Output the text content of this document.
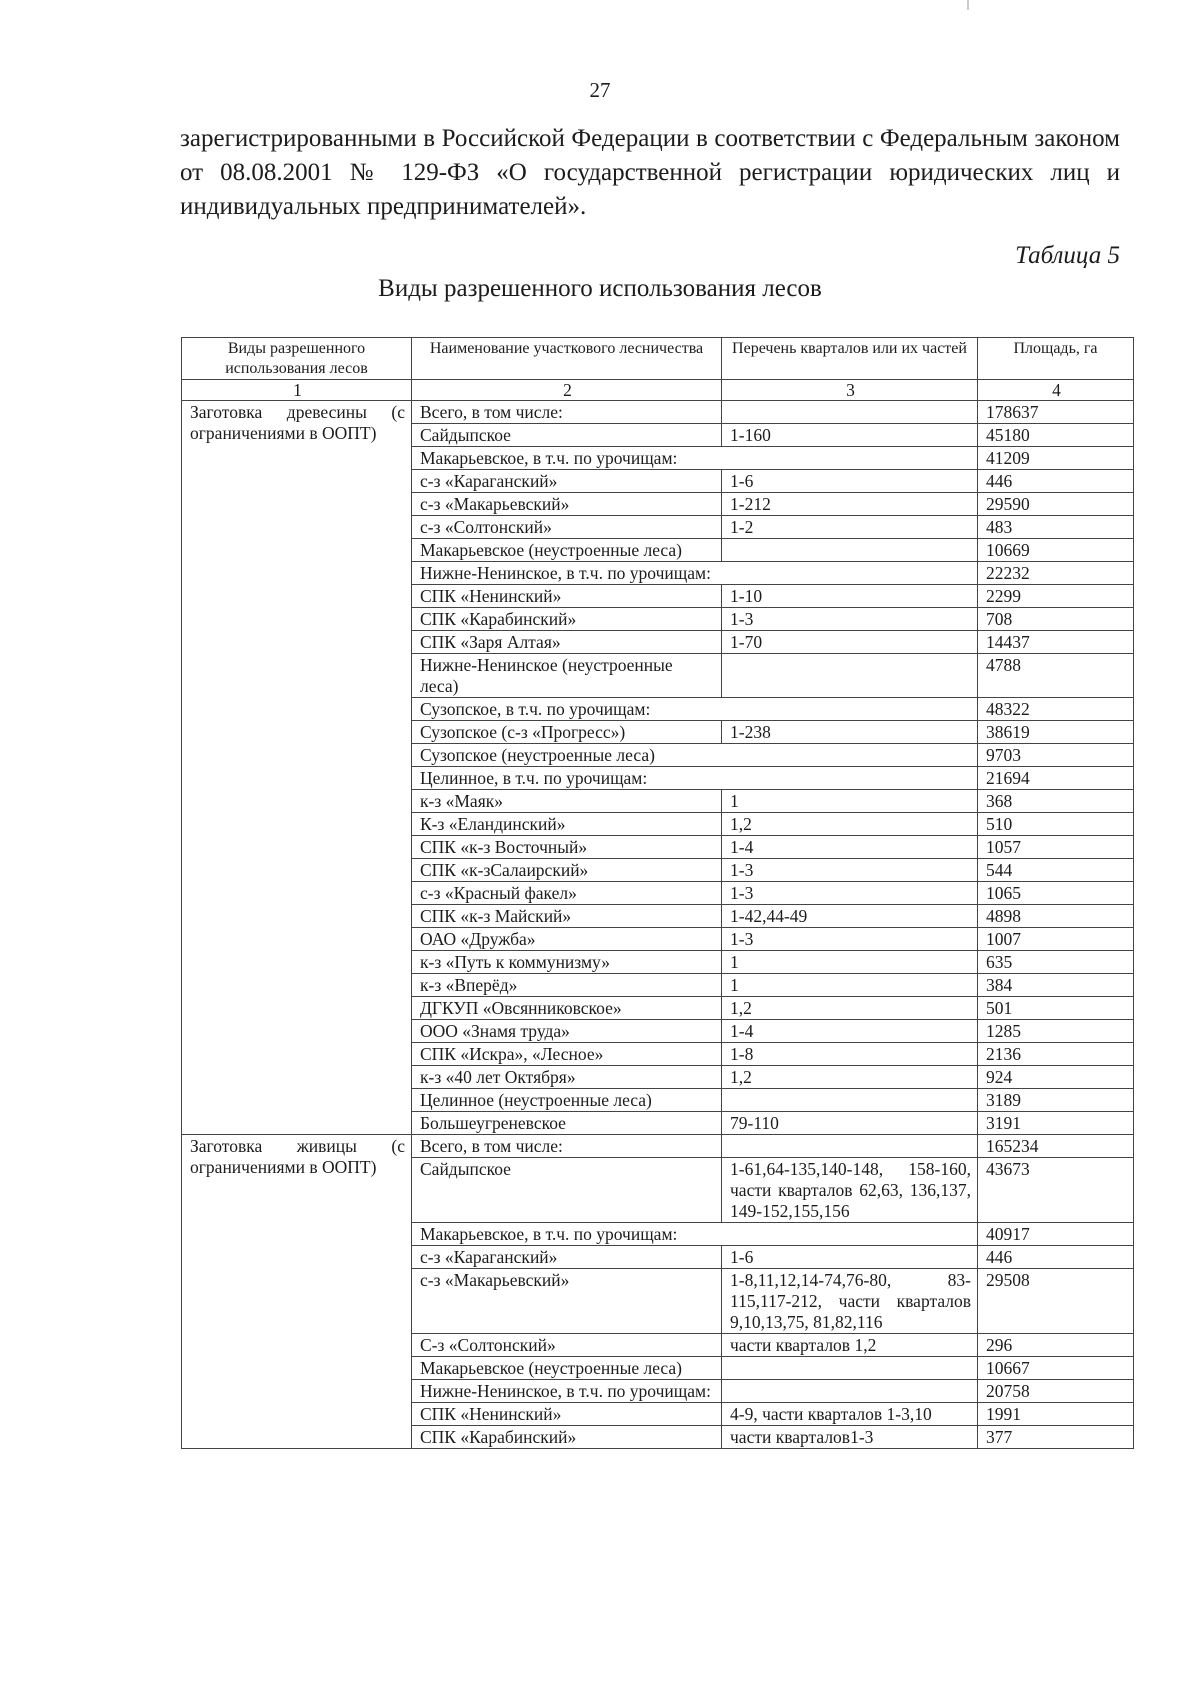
27
зарегистрированными в Российской Федерации в соответствии с Федеральным законом от 08.08.2001 № 129-ФЗ «О государственной регистрации юридических лиц и индивидуальных предпринимателей».
Таблица 5
Виды разрешенного использования лесов
Виды разрешенного использования лесов	Наименование участкового лесничества	Перечень кварталов или их частей	Площадь, га
1	2	3	4
Заготовка древесины (с ограничениями в ООПТ)	Всего, в том числе:		178637
	Сайдыпское	1-160	45180
	Макарьевское, в т.ч. по урочищам:		41209
	с-з «Караганский»	1-6	446
	с-з «Макарьевский»	1-212	29590
	с-з «Солтонский»	1-2	483
	Макарьевское (неустроенные леса)		10669
	Нижне-Ненинское, в т.ч. по урочищам:		22232
	СПК «Ненинский»	1-10	2299
	СПК «Карабинский»	1-3	708
	СПК «Заря Алтая»	1-70	14437
	Нижне-Ненинское (неустроенные леса)		4788
	Сузопское, в т.ч. по урочищам:		48322
	Сузопское (с-з «Прогресс»)	1-238	38619
	Сузопское (неустроенные леса)		9703
	Целинное, в т.ч. по урочищам:		21694
	к-з «Маяк»	1	368
	К-з «Еландинский»	1,2	510
	СПК «к-з Восточный»	1-4	1057
	СПК «к-зСалаирский»	1-3	544
	с-з «Красный факел»	1-3	1065
	СПК «к-з Майский»	1-42,44-49	4898
	ОАО «Дружба»	1-3	1007
	к-з «Путь к коммунизму»	1	635
	к-з «Вперёд»	1	384
	ДГКУП «Овсянниковское»	1,2	501
	ООО «Знамя труда»	1-4	1285
	СПК «Искра», «Лесное»	1-8	2136
	к-з «40 лет Октября»	1,2	924
	Целинное (неустроенные леса)		3189
	Большеугреневское	79-110	3191
Заготовка живицы (с ограничениями в ООПТ)	Всего, в том числе:		165234
	Сайдыпское	1-61,64-135,140-148, 158-160, части кварталов 62,63, 136,137, 149-152,155,156	43673
	Макарьевское, в т.ч. по урочищам:		40917
	с-з «Караганский»	1-6	446
	с-з «Макарьевский»	1-8,11,12,14-74,76-80, 83-115,117-212, части кварталов 9,10,13,75, 81,82,116	29508
	С-з «Солтонский»	части кварталов 1,2	296
	Макарьевское (неустроенные леса)		10667
	Нижне-Ненинское, в т.ч. по урочищам:		20758
	СПК «Ненинский»	4-9, части кварталов 1-3,10	1991
	СПК «Карабинский»	части кварталов1-3	377
